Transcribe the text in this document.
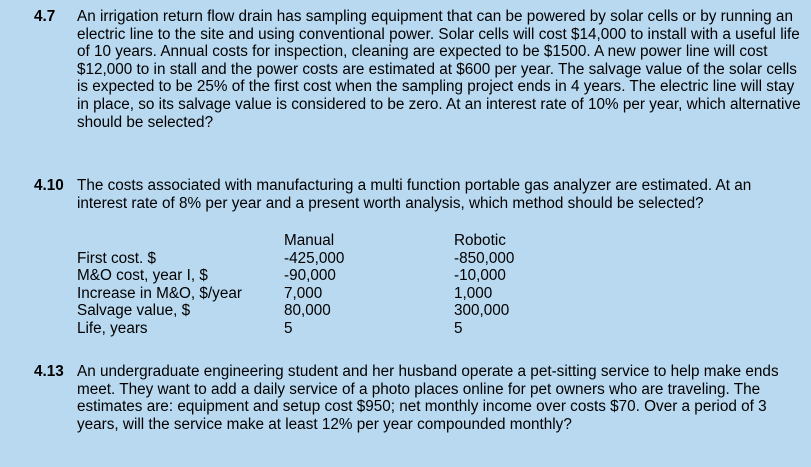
4.7 An irrigation return flow drain has sampling equipment that can be powered by solar cells or by running an electric line to the site and using conventional power. Solar cells will cost $14,000 to install with a useful life of 10 years. Annual costs for inspection, cleaning are expected to be $1500. A new power line will cost $12,000 to in stall and the power costs are estimated at $600 per year. The salvage value of the solar cells is expected to be 25% of the first cost when the sampling project ends in 4 years. The electric line will stay in place, so its salvage value is considered to be zero. At an interest rate of 10% per year, which alternative should be selected?
4.10 The costs associated with manufacturing a multi function portable gas analyzer are estimated. At an interest rate of 8% per year and a present worth analysis, which method should be selected?
First cost. $
M&O cost, year I, $
Increase in M&O, $/year
Salvage value, $
Life, years
Manual
-425,000
-90,000
7,000
80,000
5
Robotic
-850,000
-10,000
1,000
300,000
5
4.13 An undergraduate engineering student and her husband operate a pet-sitting service to help make ends meet. They want to add a daily service of a photo places online for pet owners who are traveling. The estimates are: equipment and setup cost $950; net monthly income over costs $70. Over a period of 3 years, will the service make at least 12% per year compounded monthly?
